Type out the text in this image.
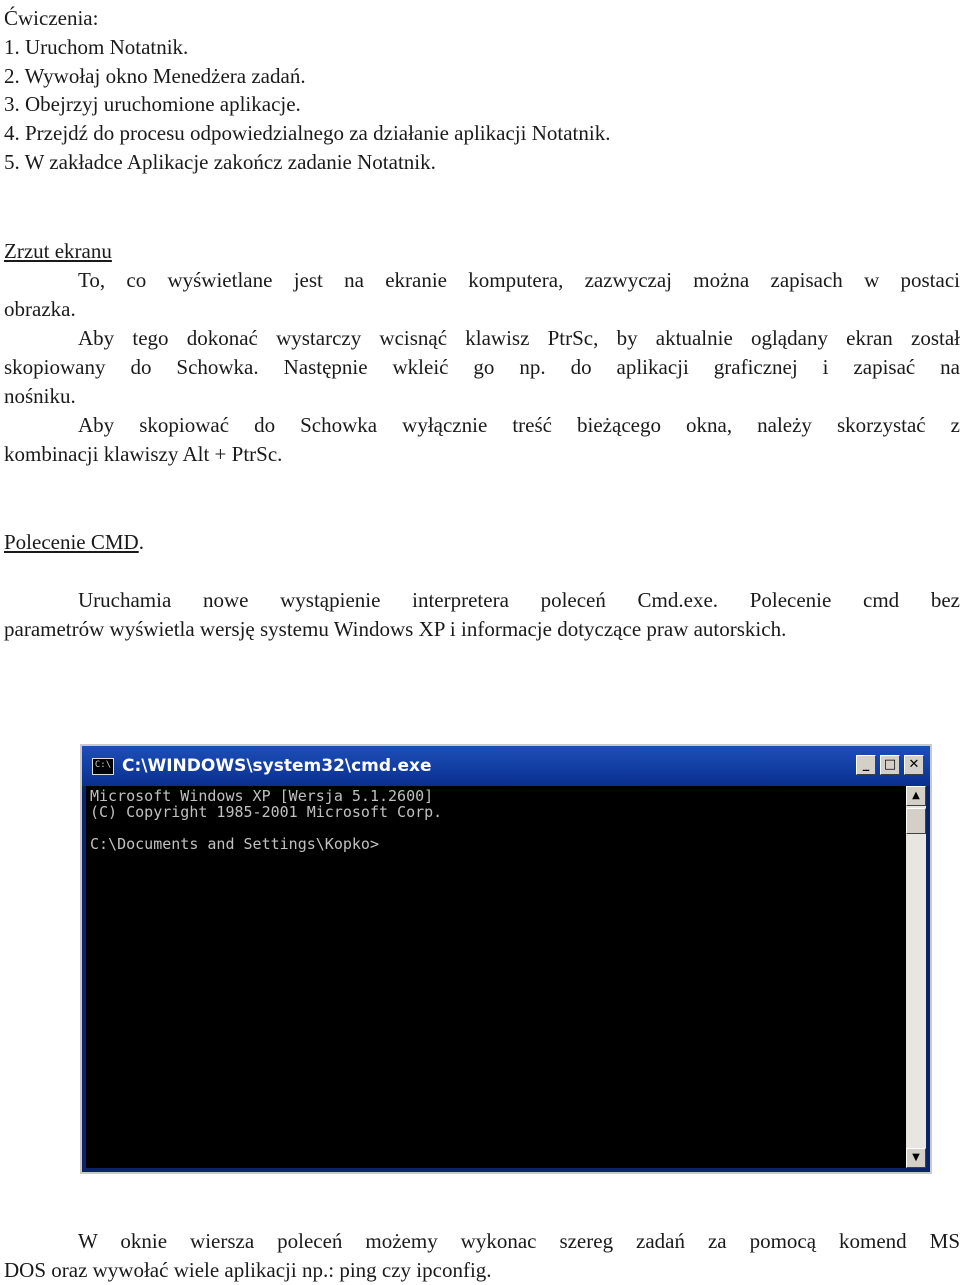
Ćwiczenia:
1. Uruchom Notatnik.
2. Wywołaj okno Menedżera zadań.
3. Obejrzyj uruchomione aplikacje.
4. Przejdź do procesu odpowiedzialnego za działanie aplikacji Notatnik.
5. W zakładce Aplikacje zakończ zadanie Notatnik.
Zrzut ekranu
To, co wyświetlane jest na ekranie komputera, zazwyczaj można zapisach w postaci
obrazka.
Aby tego dokonać wystarczy wcisnąć klawisz PtrSc, by aktualnie oglądany ekran został
skopiowany do Schowka. Następnie wkleić go np. do aplikacji graficznej i zapisać na
nośniku.
Aby skopiować do Schowka wyłącznie treść bieżącego okna, należy skorzystać z
kombinacji klawiszy Alt + PtrSc.
Polecenie CMD.
Uruchamia nowe wystąpienie interpretera poleceń Cmd.exe. Polecenie cmd bez
parametrów wyświetla wersję systemu Windows XP i informacje dotyczące praw autorskich.
C:\ C:\WINDOWS\system32\cmd.exe	_	□ ✕
Microsoft Windows XP [Wersja 5.1.2600]
(C) Copyright 1985-2001 Microsoft Corp.
C:\Documents and Settings\Kopko>
▲
▼
W oknie wiersza poleceń możemy wykonac szereg zadań za pomocą komend MS
DOS oraz wywołać wiele aplikacji np.: ping czy ipconfig.
